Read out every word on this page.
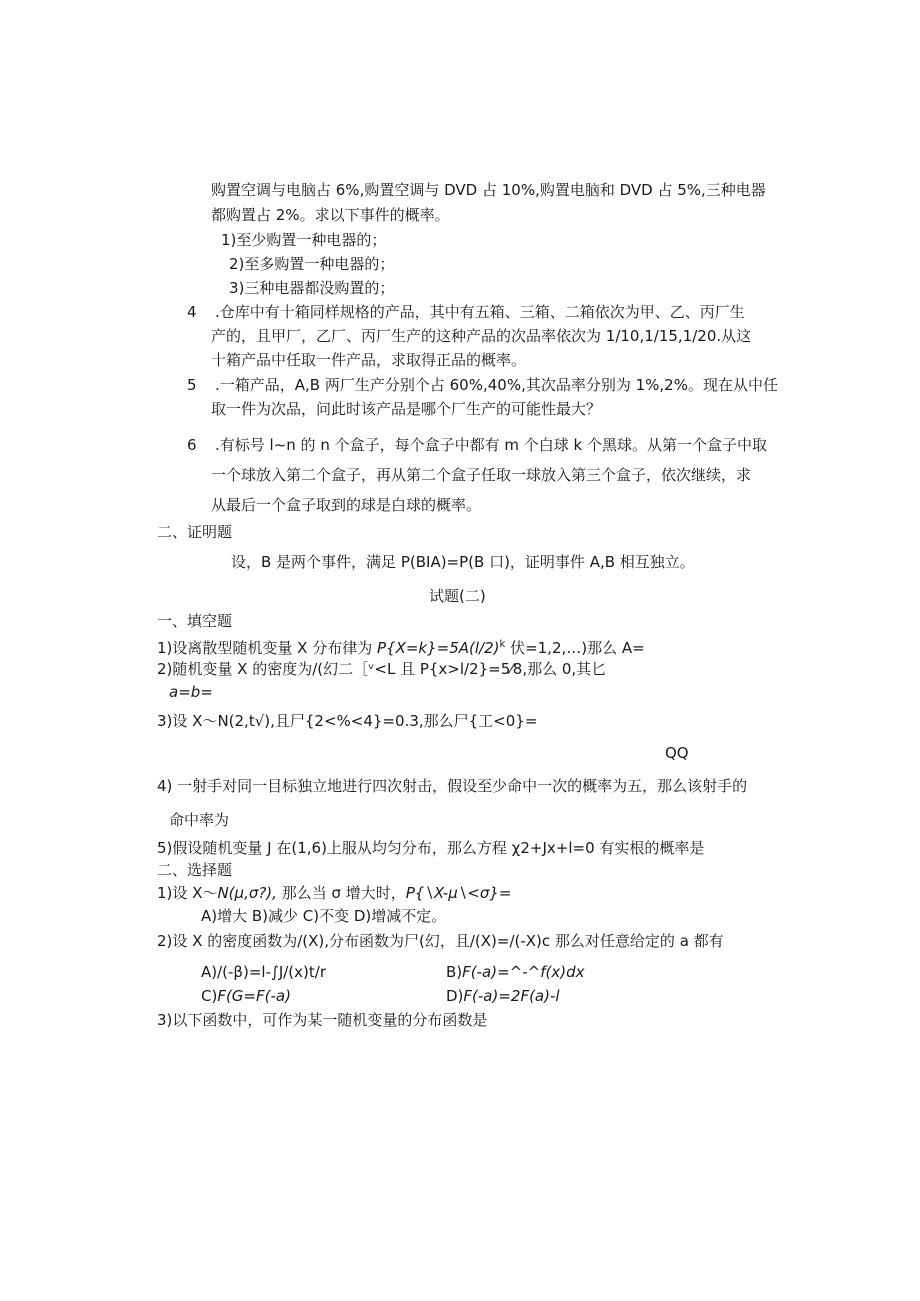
购置空调与电脑占 6%,购置空调与 DVD 占 10%,购置电脑和 DVD 占 5%,三种电器
都购置占 2%。求以下事件的概率。
1)至少购置一种电器的；
2)至多购置一种电器的；
3)三种电器都没购置的；
4 .仓库中有十箱同样规格的产品，其中有五箱、三箱、二箱依次为甲、乙、丙厂生
产的，且甲厂，乙厂、丙厂生产的这种产品的次品率依次为 1/10,1/15,1/20.从这
十箱产品中任取一件产品，求取得正品的概率。
5 .一箱产品，A,B 两厂生产分别个占 60%,40%,其次品率分别为 1%,2%。现在从中任
取一件为次品，问此时该产品是哪个厂生产的可能性最大？
6 .有标号 l~n 的 n 个盒子，每个盒子中都有 m 个白球 k 个黑球。从第一个盒子中取
一个球放入第二个盒子，再从第二个盒子任取一球放入第三个盒子，依次继续，求
从最后一个盒子取到的球是白球的概率。
二、证明题
设，B 是两个事件，满足 P(BIA)=P(B 口)，证明事件 A,B 相互独立。
试题(二)
一、填空题
1)设离散型随机变量 X 分布律为 $P\{X=k\}=5A(l/2)^k$ 伏=1,2,…)那么 A=
2)随机变量 X 的密度为/(幻二［ᵛ<L 且 P{x>l/2}=5⁄8,那么 0,其匕
a=b=
3)设 X〜N(2,t√),且尸{2<%<4}=0.3,那么尸{工<0}=
QQ
4) 一射手对同一目标独立地进行四次射击，假设至少命中一次的概率为五，那么该射手的
命中率为
5)假设随机变量 J 在(1,6)上服从均匀分布，那么方程 χ2+Jx+l=0 有实根的概率是
二、选择题
1)设 X〜N(μ,σ?), 那么当 σ 增大时，P{∖X-μ∖<σ}=
A)增大 B)减少 C)不变 D)增减不定。
2)设 X 的密度函数为/(X),分布函数为尸(幻，且/(X)=/(-X)c 那么对任意给定的 a 都有
A)/(-β)=l-∫J/(x)t/r	B)F(-a)=^-^f(x)dx
C)F(G=F(-a)	D)F(-a)=2F(a)-l
3)以下函数中，可作为某一随机变量的分布函数是
